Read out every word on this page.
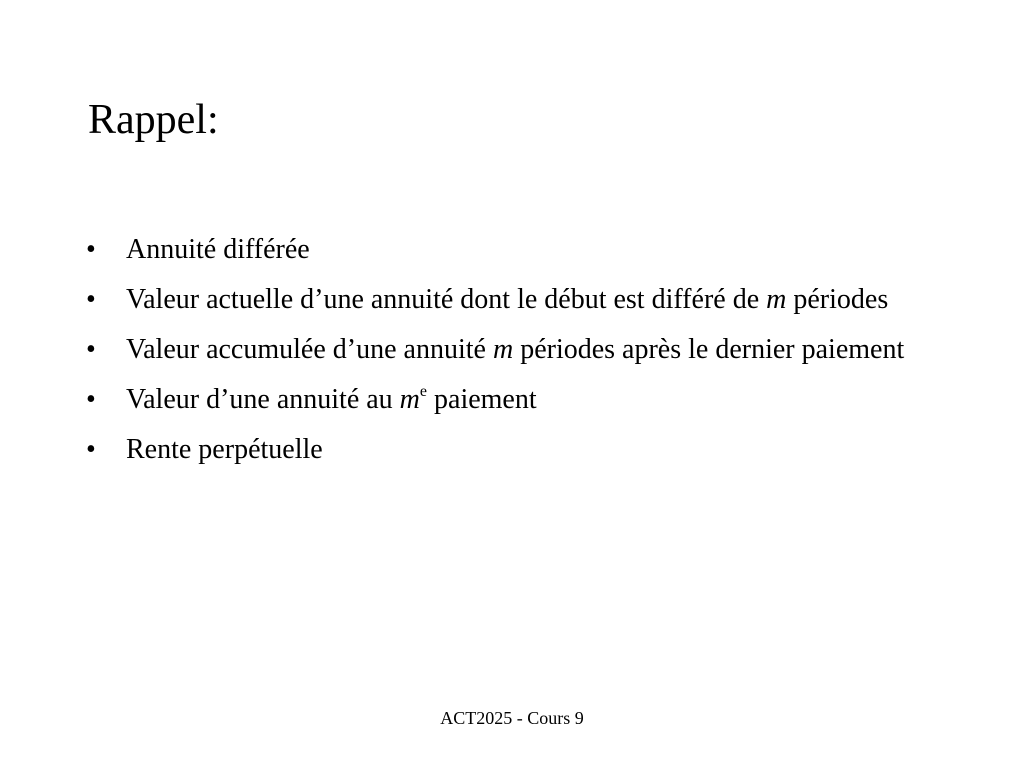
Rappel:
• Annuité différée
• Valeur actuelle d’une annuité dont le début est différé de m périodes
• Valeur accumulée d’une annuité m périodes après le dernier paiement
• Valeur d’une annuité au $m^e$ paiement
• Rente perpétuelle
ACT2025 - Cours 9
